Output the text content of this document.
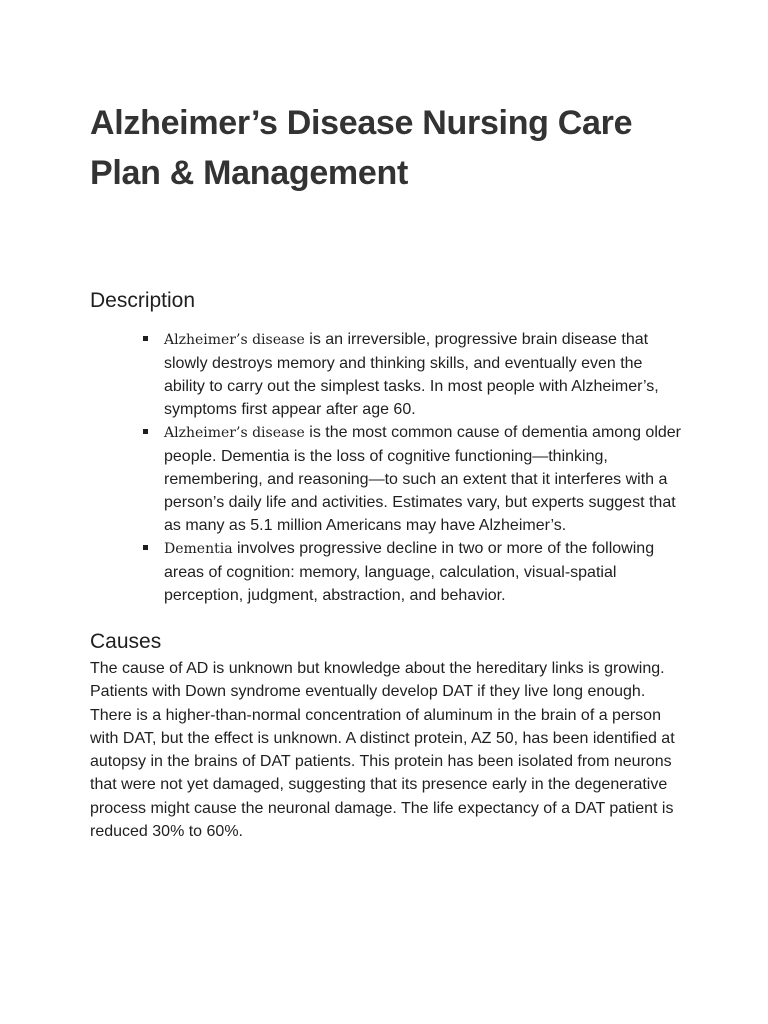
Alzheimer’s Disease Nursing Care Plan & Management
Description
Alzheimer’s disease is an irreversible, progressive brain disease that slowly destroys memory and thinking skills, and eventually even the ability to carry out the simplest tasks. In most people with Alzheimer’s, symptoms first appear after age 60.
Alzheimer’s disease is the most common cause of dementia among older people. Dementia is the loss of cognitive functioning—thinking, remembering, and reasoning—to such an extent that it interferes with a person’s daily life and activities. Estimates vary, but experts suggest that as many as 5.1 million Americans may have Alzheimer’s.
Dementia involves progressive decline in two or more of the following areas of cognition: memory, language, calculation, visual-spatial perception, judgment, abstraction, and behavior.
Causes

The cause of AD is unknown but knowledge about the hereditary links is growing. Patients with Down syndrome eventually develop DAT if they live long enough. There is a higher-than-normal concentration of aluminum in the brain of a person with DAT, but the effect is unknown. A distinct protein, AZ 50, has been identified at autopsy in the brains of DAT patients. This protein has been isolated from neurons that were not yet damaged, suggesting that its presence early in the degenerative process might cause the neuronal damage. The life expectancy of a DAT patient is reduced 30% to 60%.
